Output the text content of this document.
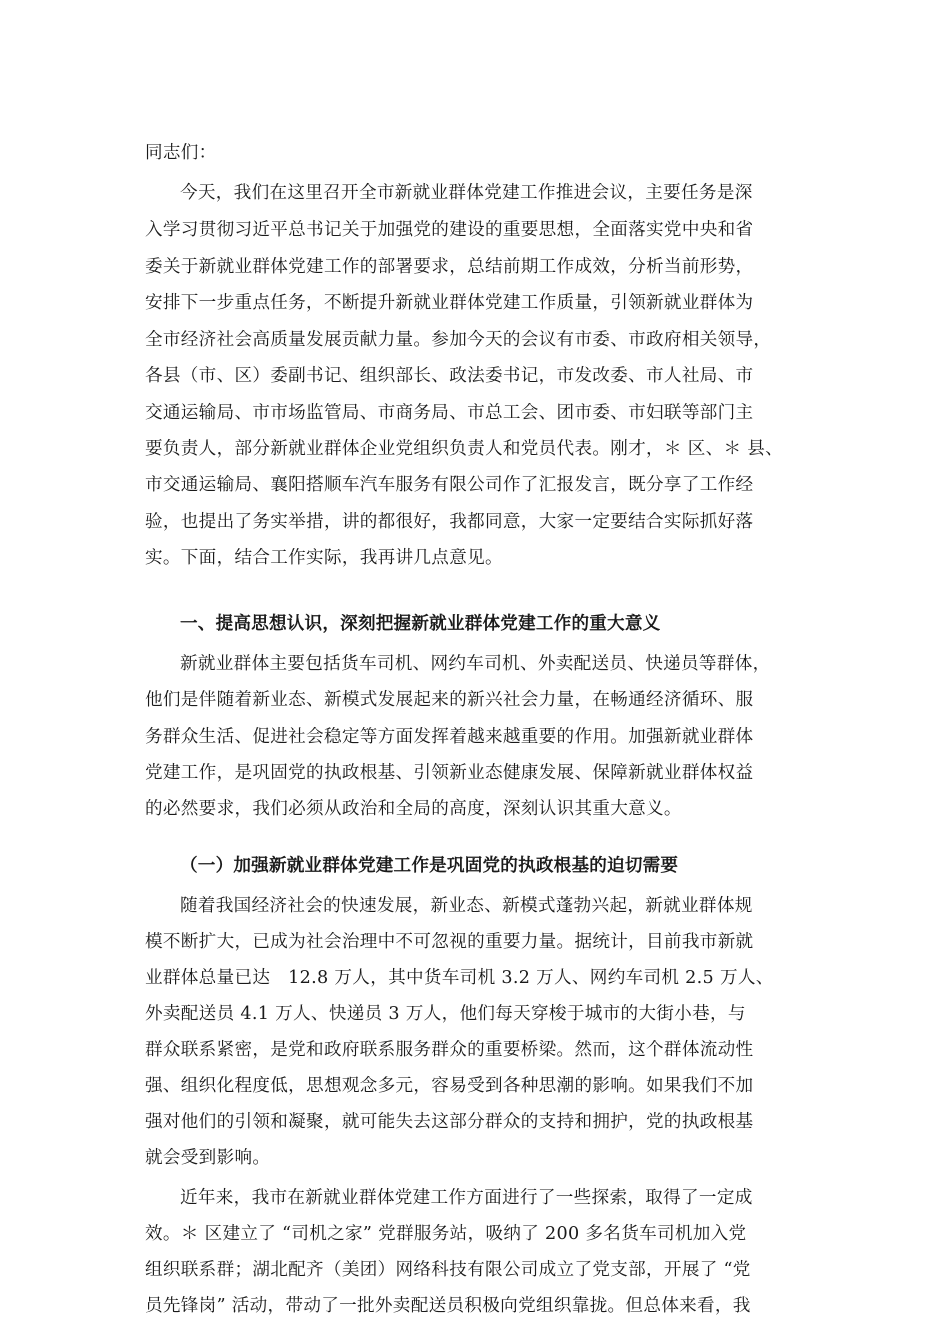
同志们：
今天，我们在这里召开全市新就业群体党建工作推进会议，主要任务是深
入学习贯彻习近平总书记关于加强党的建设的重要思想，全面落实党中央和省
委关于新就业群体党建工作的部署要求，总结前期工作成效，分析当前形势，
安排下一步重点任务，不断提升新就业群体党建工作质量，引领新就业群体为
全市经济社会高质量发展贡献力量。参加今天的会议有市委、市政府相关领导，
各县（市、区）委副书记、组织部长、政法委书记，市发改委、市人社局、市
交通运输局、市市场监管局、市商务局、市总工会、团市委、市妇联等部门主
要负责人，部分新就业群体企业党组织负责人和党员代表。刚才，＊ 区、＊ 县、
市交通运输局、襄阳搭顺车汽车服务有限公司作了汇报发言，既分享了工作经
验，也提出了务实举措，讲的都很好，我都同意，大家一定要结合实际抓好落
实。下面，结合工作实际，我再讲几点意见。
一、提高思想认识，深刻把握新就业群体党建工作的重大意义
新就业群体主要包括货车司机、网约车司机、外卖配送员、快递员等群体，
他们是伴随着新业态、新模式发展起来的新兴社会力量，在畅通经济循环、服
务群众生活、促进社会稳定等方面发挥着越来越重要的作用。加强新就业群体
党建工作，是巩固党的执政根基、引领新业态健康发展、保障新就业群体权益
的必然要求，我们必须从政治和全局的高度，深刻认识其重大意义。
（一）加强新就业群体党建工作是巩固党的执政根基的迫切需要
随着我国经济社会的快速发展，新业态、新模式蓬勃兴起，新就业群体规
模不断扩大，已成为社会治理中不可忽视的重要力量。据统计，目前我市新就
业群体总量已达　12.8 万人，其中货车司机 3.2 万人、网约车司机 2.5 万人、
外卖配送员 4.1 万人、快递员 3 万人，他们每天穿梭于城市的大街小巷，与
群众联系紧密，是党和政府联系服务群众的重要桥梁。然而，这个群体流动性
强、组织化程度低，思想观念多元，容易受到各种思潮的影响。如果我们不加
强对他们的引领和凝聚，就可能失去这部分群众的支持和拥护，党的执政根基
就会受到影响。
近年来，我市在新就业群体党建工作方面进行了一些探索，取得了一定成
效。＊ 区建立了 “司机之家” 党群服务站，吸纳了 200 多名货车司机加入党
组织联系群；湖北配齐（美团）网络科技有限公司成立了党支部，开展了 “党
员先锋岗” 活动，带动了一批外卖配送员积极向党组织靠拢。但总体来看，我
